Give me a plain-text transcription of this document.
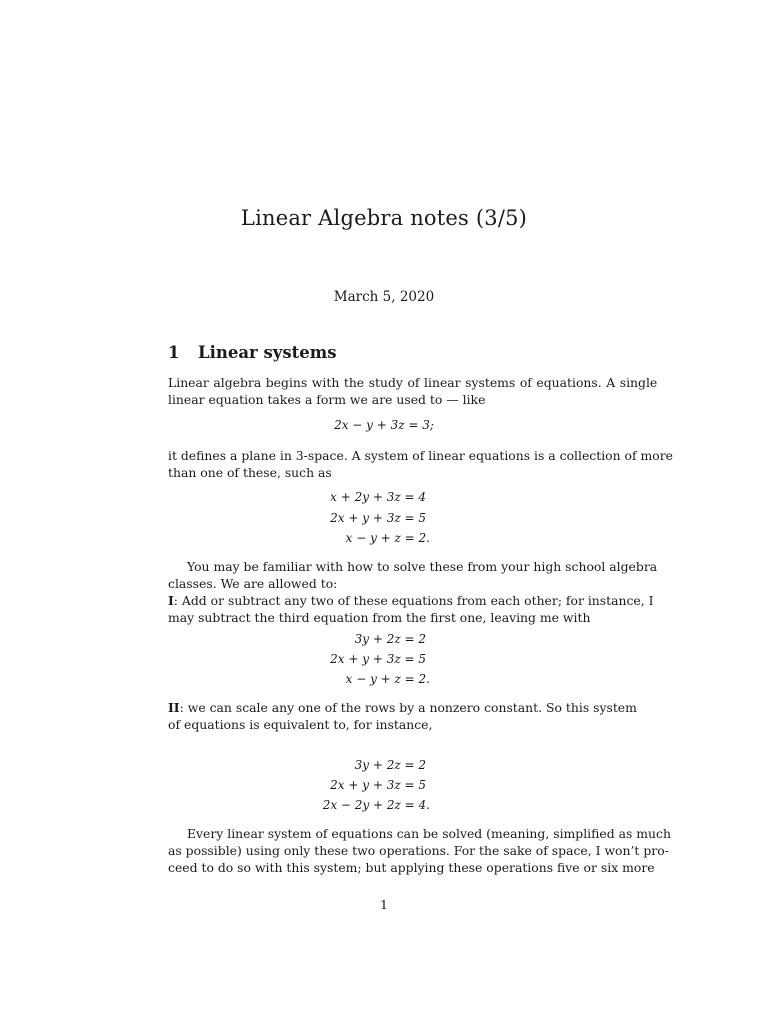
Linear Algebra notes (3/5)
March 5, 2020
1 Linear systems
Linear algebra begins with the study of linear systems of equations. A single
linear equation takes a form we are used to — like
2x − y + 3z = 3;
it defines a plane in 3-space. A system of linear equations is a collection of more
than one of these, such as
x + 2y + 3z = 4
2x + y + 3z = 5
x − y + z = 2.
You may be familiar with how to solve these from your high school algebra
classes. We are allowed to:
I: Add or subtract any two of these equations from each other; for instance, I
may subtract the third equation from the first one, leaving me with
3y + 2z = 2
2x + y + 3z = 5
x − y + z = 2.
II: we can scale any one of the rows by a nonzero constant. So this system
of equations is equivalent to, for instance,
3y + 2z = 2
2x + y + 3z = 5
2x − 2y + 2z = 4.
Every linear system of equations can be solved (meaning, simplified as much
as possible) using only these two operations. For the sake of space, I won’t pro-
ceed to do so with this system; but applying these operations five or six more
1
